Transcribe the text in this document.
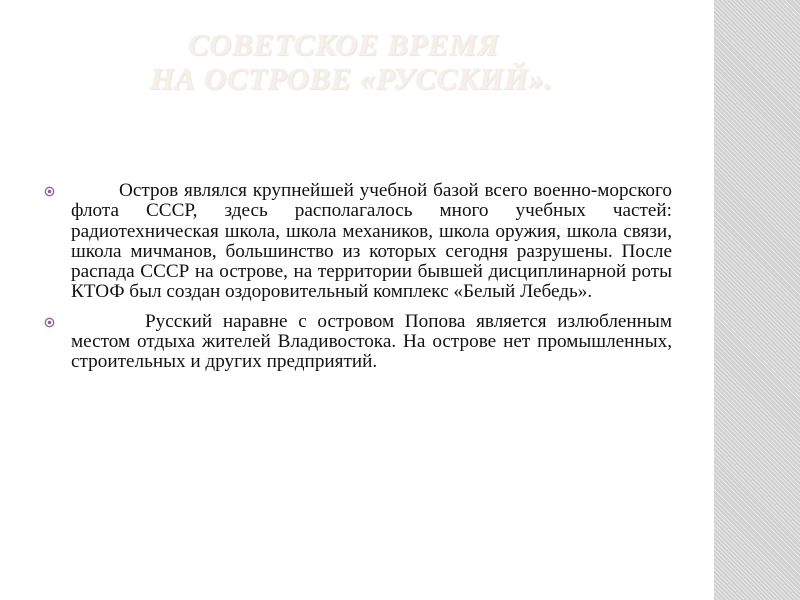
СОВЕТСКОЕ ВРЕМЯ
НА ОСТРОВЕ «РУССКИЙ».
Остров являлся крупнейшей учебной базой всего военно-морского флота СССР, здесь располагалось много учебных частей: радиотехническая школа, школа механиков, школа оружия, школа связи, школа мичманов, большинство из которых сегодня разрушены. После распада СССР на острове, на территории бывшей дисциплинарной роты КТОФ был создан оздоровительный комплекс «Белый Лебедь».
Русский наравне с островом Попова является излюбленным местом отдыха жителей Владивостока. На острове нет промышленных, строительных и других предприятий.
